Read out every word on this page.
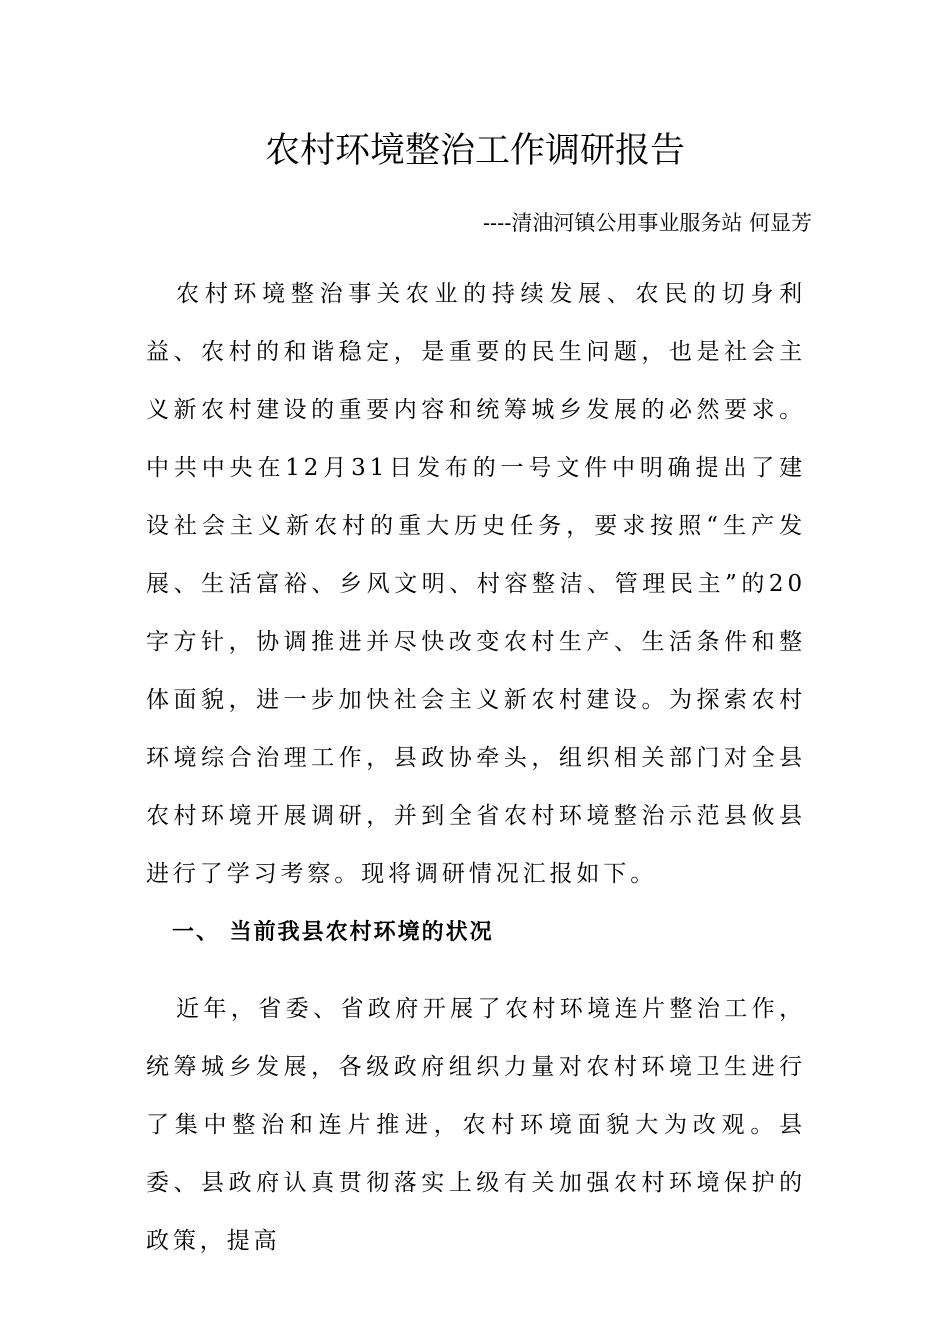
农村环境整治工作调研报告

----清油河镇公用事业服务站 何显芳

农村环境整治事关农业的持续发展、农民的切身利益、农村的和谐稳定，是重要的民生问题，也是社会主义新农村建设的重要内容和统筹城乡发展的必然要求。中共中央在12月31日发布的一号文件中明确提出了建设社会主义新农村的重大历史任务，要求按照“生产发展、生活富裕、乡风文明、村容整洁、管理民主”的20字方针，协调推进并尽快改变农村生产、生活条件和整体面貌，进一步加快社会主义新农村建设。为探索农村环境综合治理工作，县政协牵头，组织相关部门对全县农村环境开展调研，并到全省农村环境整治示范县攸县进行了学习考察。现将调研情况汇报如下。

一、 当前我县农村环境的状况

近年，省委、省政府开展了农村环境连片整治工作，统筹城乡发展，各级政府组织力量对农村环境卫生进行了集中整治和连片推进，农村环境面貌大为改观。县委、县政府认真贯彻落实上级有关加强农村环境保护的政策，提高
